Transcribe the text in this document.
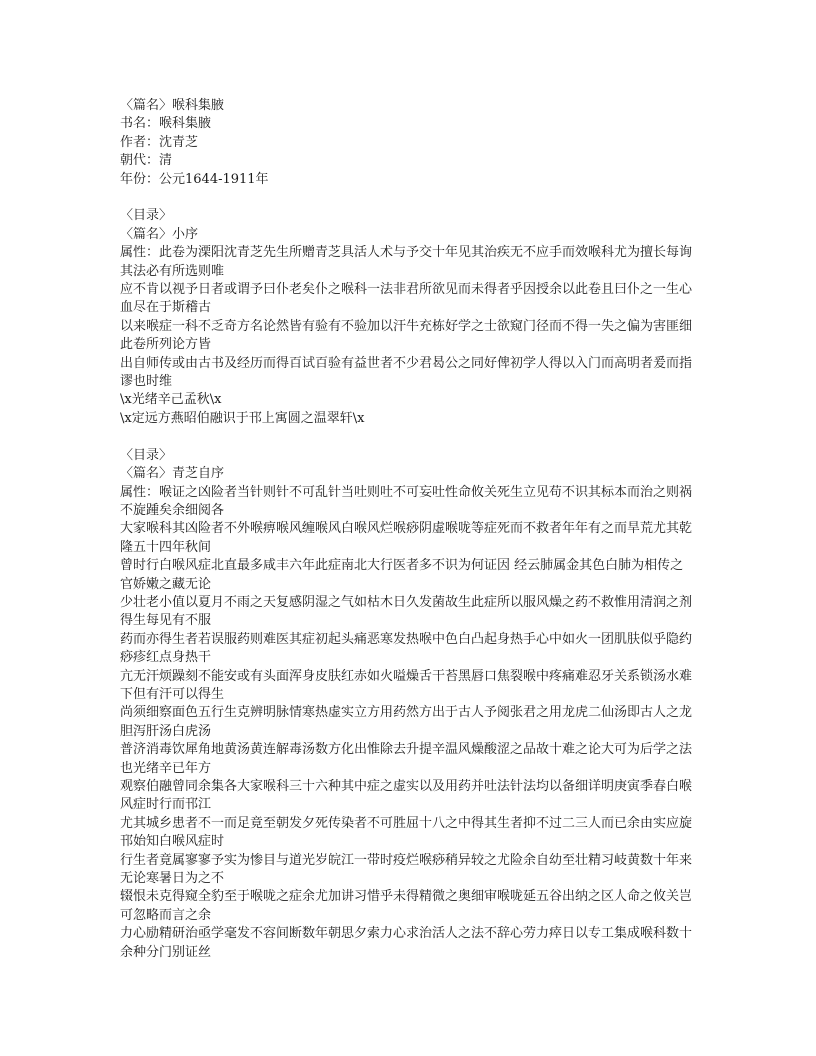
〈篇名〉喉科集腋
书名：喉科集腋
作者：沈青芝
朝代：清
年份：公元1644-1911年
〈目录〉
〈篇名〉小序
属性：此卷为溧阳沈青芝先生所赠青芝具活人术与予交十年见其治疾无不应手而效喉科尤为擅长每询其法必有所选则唯
应不肯以视予日者或谓予曰仆老矣仆之喉科一法非君所欲见而未得者乎因授余以此卷且曰仆之一生心血尽在于斯稽古
以来喉症一科不乏奇方名论然皆有验有不验加以汗牛充栋好学之士欲窥门径而不得一失之偏为害匪细此卷所列论方皆
出自师传或由古书及经历而得百试百验有益世者不少君曷公之同好俾初学人得以入门而高明者爰而指谬也时维
\x光绪辛己孟秋\x
\x定远方燕昭伯融识于邗上寓圆之温翠轩\x
〈目录〉
〈篇名〉青芝自序
属性：喉证之凶险者当针则针不可乱针当吐则吐不可妄吐性命攸关死生立见苟不识其标本而治之则祸不旋踵矣余细阅各
大家喉科其凶险者不外喉痹喉风缠喉风白喉风烂喉痧阴虚喉咙等症死而不救者年年有之而旱荒尤其乾隆五十四年秋间
曾时行白喉风症北直最多咸丰六年此症南北大行医者多不识为何证因 经云肺属金其色白肺为相传之官娇嫩之藏无论
少壮老小值以夏月不雨之天复感阴湿之气如枯木日久发菌故生此症所以服风燥之药不救惟用清润之剂得生每见有不服
药而亦得生者若误服药则难医其症初起头痛恶寒发热喉中色白凸起身热手心中如火一团肌肤似乎隐约痧疹红点身热干
亢无汗烦躁刻不能安或有头面浑身皮肤红赤如火嗌燥舌干苔黑唇口焦裂喉中疼痛难忍牙关系锁汤水难下但有汗可以得生
尚须细察面色五行生克辨明脉情寒热虚实立方用药然方出于古人予阅张君之用龙虎二仙汤即古人之龙胆泻肝汤白虎汤
普济消毒饮犀角地黄汤黄连解毒汤数方化出惟除去升提辛温风燥酸涩之品故十难之论大可为后学之法也光绪辛已年方
观察伯融曾同余集各大家喉科三十六种其中症之虚实以及用药并吐法针法均以备细详明庚寅季春白喉风症时行而邗江
尤其城乡患者不一而足竟至朝发夕死传染者不可胜屈十八之中得其生者抑不过二三人而已余由实应旋邗始知白喉风症时
行生者竟属寥寥予实为惨目与道光岁皖江一带时疫烂喉痧稍异较之尤险余自幼至壮精习岐黄数十年来无论寒暑日为之不
辍恨未克得窥全豹至于喉咙之症余尤加讲习惜乎未得精微之奥细审喉咙延五谷出纳之区人命之攸关岂可忽略而言之余
力心励精研治亟学毫发不容间断数年朝思夕索力心求治活人之法不辞心劳力瘁日以专工集成喉科数十余种分门别证丝
